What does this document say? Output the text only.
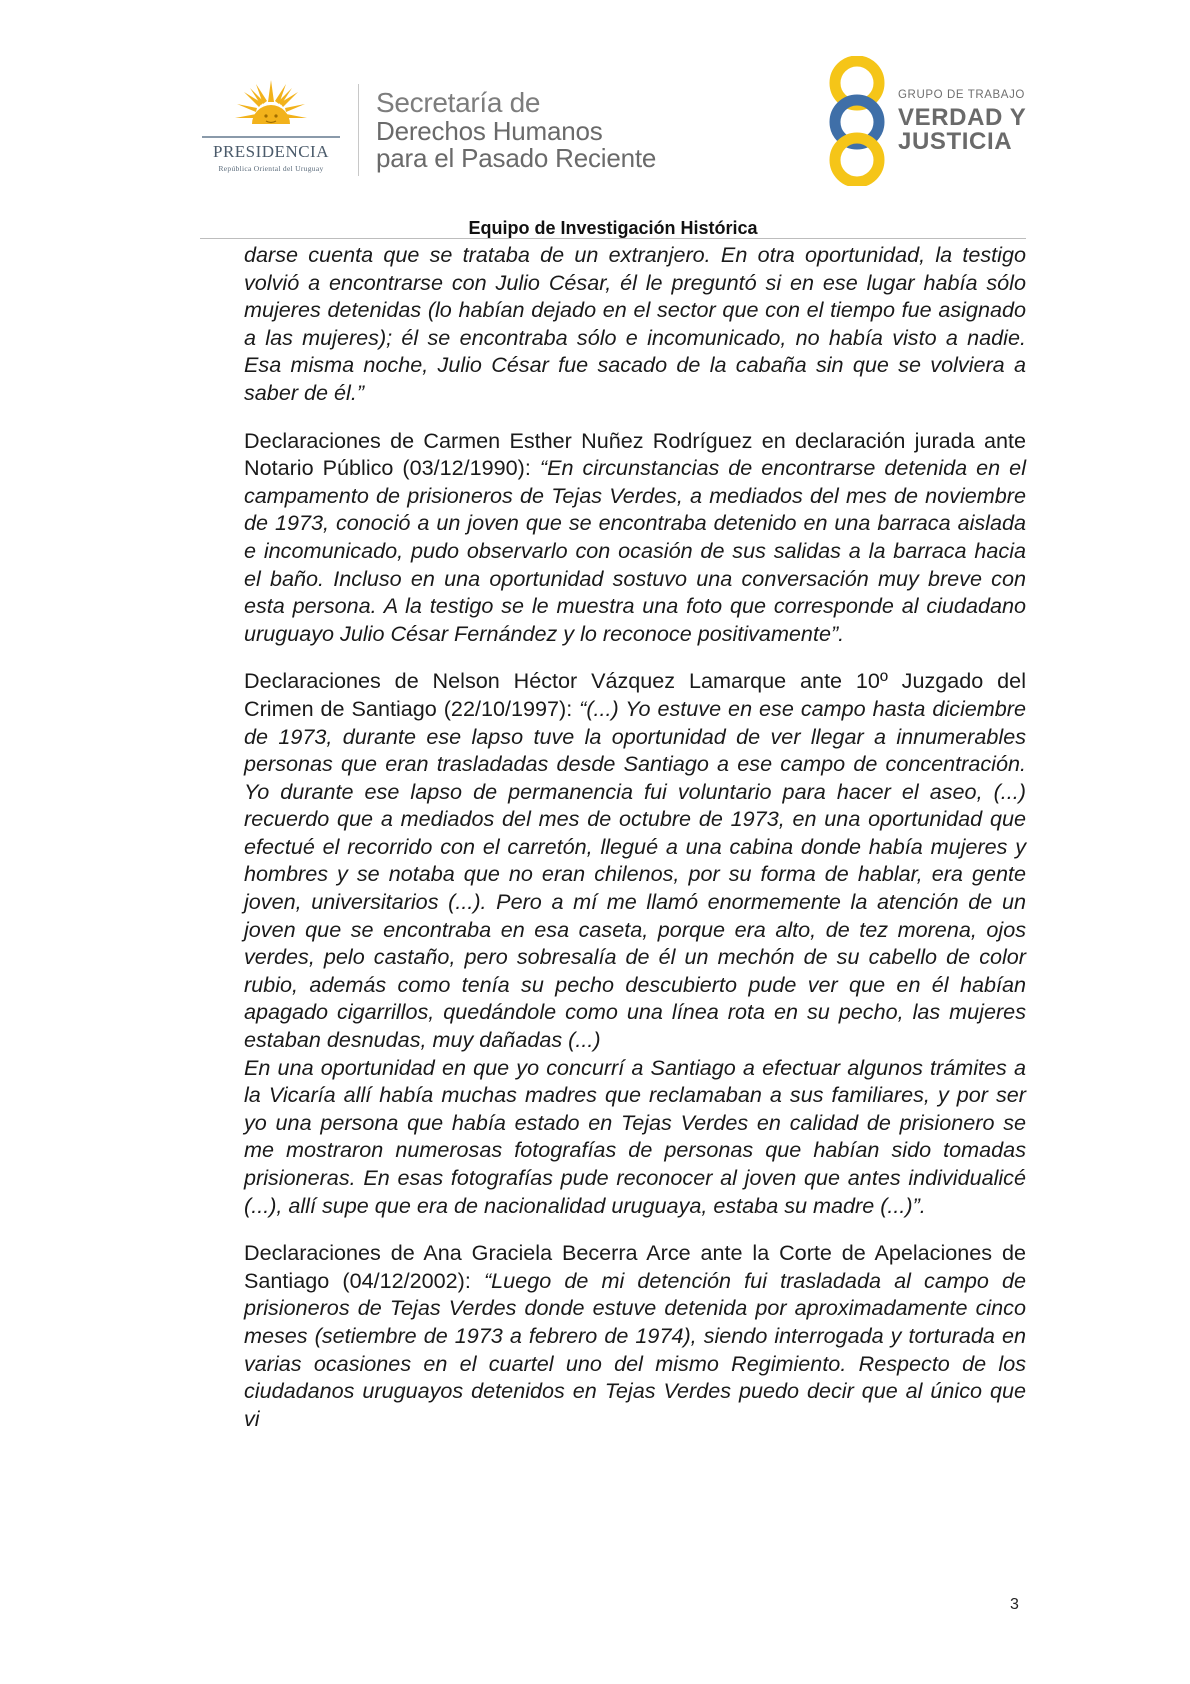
PRESIDENCIA
República Oriental del Uruguay
Secretaría de
Derechos Humanos
para el Pasado Reciente
GRUPO DE TRABAJO
VERDAD Y
JUSTICIA
Equipo de Investigación Histórica

darse cuenta que se trataba de un extranjero. En otra oportunidad, la testigo volvió a encontrarse con Julio César, él le preguntó si en ese lugar había sólo mujeres detenidas (lo habían dejado en el sector que con el tiempo fue asignado a las mujeres); él se encontraba sólo e incomunicado, no había visto a nadie. Esa misma noche, Julio César fue sacado de la cabaña sin que se volviera a saber de él.”

Declaraciones de Carmen Esther Nuñez Rodríguez en declaración jurada ante Notario Público (03/12/1990): “En circunstancias de encontrarse detenida en el campamento de prisioneros de Tejas Verdes, a mediados del mes de noviembre de 1973, conoció a un joven que se encontraba detenido en una barraca aislada e incomunicado, pudo observarlo con ocasión de sus salidas a la barraca hacia el baño. Incluso en una oportunidad sostuvo una conversación muy breve con esta persona. A la testigo se le muestra una foto que corresponde al ciudadano uruguayo Julio César Fernández y lo reconoce positivamente”.

Declaraciones de Nelson Héctor Vázquez Lamarque ante 10º Juzgado del Crimen de Santiago (22/10/1997): “(...) Yo estuve en ese campo hasta diciembre de 1973, durante ese lapso tuve la oportunidad de ver llegar a innumerables personas que eran trasladadas desde Santiago a ese campo de concentración. Yo durante ese lapso de permanencia fui voluntario para hacer el aseo, (...) recuerdo que a mediados del mes de octubre de 1973, en una oportunidad que efectué el recorrido con el carretón, llegué a una cabina donde había mujeres y hombres y se notaba que no eran chilenos, por su forma de hablar, era gente joven, universitarios (...). Pero a mí me llamó enormemente la atención de un joven que se encontraba en esa caseta, porque era alto, de tez morena, ojos verdes, pelo castaño, pero sobresalía de él un mechón de su cabello de color rubio, además como tenía su pecho descubierto pude ver que en él habían apagado cigarrillos, quedándole como una línea rota en su pecho, las mujeres estaban desnudas, muy dañadas (...)

En una oportunidad en que yo concurrí a Santiago a efectuar algunos trámites a la Vicaría allí había muchas madres que reclamaban a sus familiares, y por ser yo una persona que había estado en Tejas Verdes en calidad de prisionero se me mostraron numerosas fotografías de personas que habían sido tomadas prisioneras. En esas fotografías pude reconocer al joven que antes individualicé (...), allí supe que era de nacionalidad uruguaya, estaba su madre (...)”.

Declaraciones de Ana Graciela Becerra Arce ante la Corte de Apelaciones de Santiago (04/12/2002): “Luego de mi detención fui trasladada al campo de prisioneros de Tejas Verdes donde estuve detenida por aproximadamente cinco meses (setiembre de 1973 a febrero de 1974), siendo interrogada y torturada en varias ocasiones en el cuartel uno del mismo Regimiento. Respecto de los ciudadanos uruguayos detenidos en Tejas Verdes puedo decir que al único que vi

3
